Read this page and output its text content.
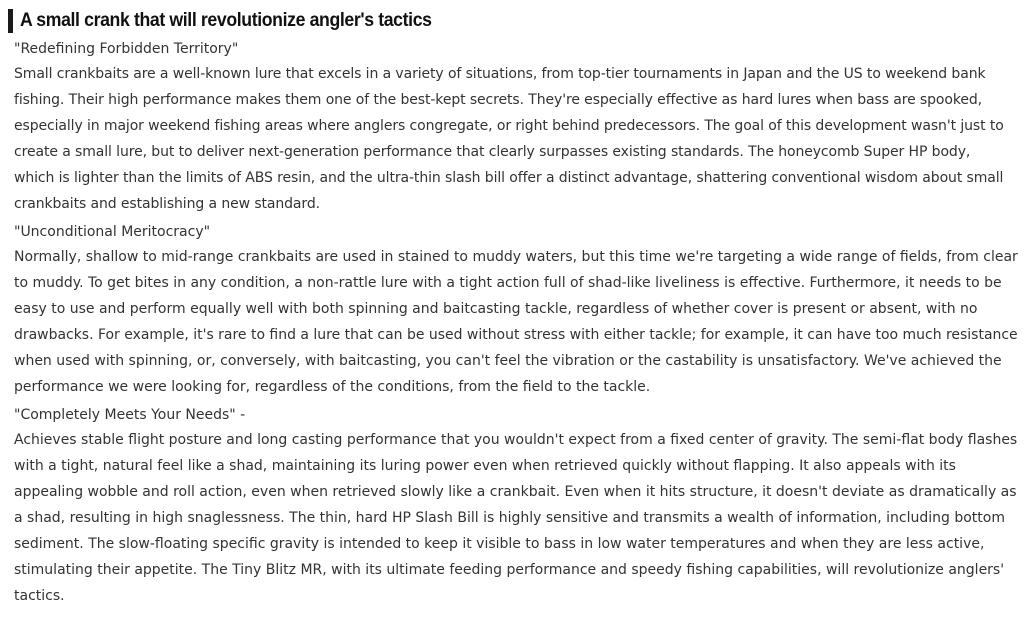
A small crank that will revolutionize angler's tactics
"Redefining Forbidden Territory"

Small crankbaits are a well-known lure that excels in a variety of situations, from top-tier tournaments in Japan and the US to weekend bank
fishing. Their high performance makes them one of the best-kept secrets. They're especially effective as hard lures when bass are spooked,
especially in major weekend fishing areas where anglers congregate, or right behind predecessors. The goal of this development wasn't just to
create a small lure, but to deliver next-generation performance that clearly surpasses existing standards. The honeycomb Super HP body,
which is lighter than the limits of ABS resin, and the ultra-thin slash bill offer a distinct advantage, shattering conventional wisdom about small
crankbaits and establishing a new standard.

"Unconditional Meritocracy"

Normally, shallow to mid-range crankbaits are used in stained to muddy waters, but this time we're targeting a wide range of fields, from clear
to muddy. To get bites in any condition, a non-rattle lure with a tight action full of shad-like liveliness is effective. Furthermore, it needs to be
easy to use and perform equally well with both spinning and baitcasting tackle, regardless of whether cover is present or absent, with no
drawbacks. For example, it's rare to find a lure that can be used without stress with either tackle; for example, it can have too much resistance
when used with spinning, or, conversely, with baitcasting, you can't feel the vibration or the castability is unsatisfactory. We've achieved the
performance we were looking for, regardless of the conditions, from the field to the tackle.

"Completely Meets Your Needs" -

Achieves stable flight posture and long casting performance that you wouldn't expect from a fixed center of gravity. The semi-flat body flashes
with a tight, natural feel like a shad, maintaining its luring power even when retrieved quickly without flapping. It also appeals with its
appealing wobble and roll action, even when retrieved slowly like a crankbait. Even when it hits structure, it doesn't deviate as dramatically as
a shad, resulting in high snaglessness. The thin, hard HP Slash Bill is highly sensitive and transmits a wealth of information, including bottom
sediment. The slow-floating specific gravity is intended to keep it visible to bass in low water temperatures and when they are less active,
stimulating their appetite. The Tiny Blitz MR, with its ultimate feeding performance and speedy fishing capabilities, will revolutionize anglers'
tactics.
